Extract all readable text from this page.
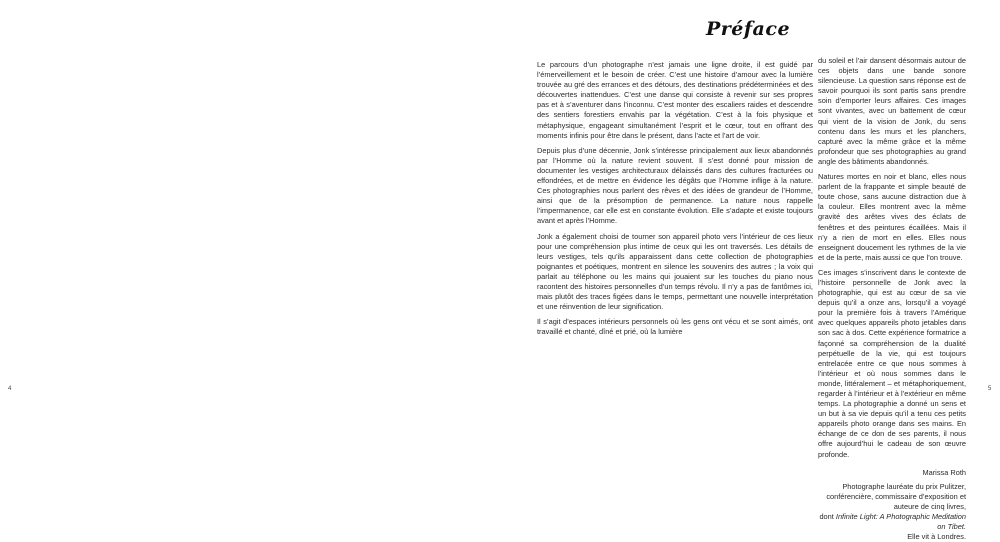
Préface

Le parcours d’un photographe n’est jamais une ligne droite, il est guidé par l’émerveillement et le besoin de créer. C’est une histoire d’amour avec la lumière trouvée au gré des errances et des détours, des destinations prédéterminées et des découvertes inattendues. C’est une danse qui consiste à revenir sur ses propres pas et à s’aventurer dans l’inconnu. C’est monter des escaliers raides et descendre des sentiers forestiers envahis par la végétation. C’est à la fois physique et métaphysique, engageant simultanément l’esprit et le cœur, tout en offrant des moments infinis pour être dans le présent, dans l’acte et l’art de voir.

Depuis plus d’une décennie, Jonk s’intéresse principalement aux lieux abandonnés par l’Homme où la nature revient souvent. Il s’est donné pour mission de documenter les vestiges architecturaux délaissés dans des cultures fracturées ou effondrées, et de mettre en évidence les dégâts que l’Homme inflige à la nature. Ces photographies nous parlent des rêves et des idées de grandeur de l’Homme, ainsi que de la présomption de permanence. La nature nous rappelle l’impermanence, car elle est en constante évolution. Elle s’adapte et existe toujours avant et après l’Homme.

Jonk a également choisi de tourner son appareil photo vers l’intérieur de ces lieux pour une compréhension plus intime de ceux qui les ont traversés. Les détails de leurs vestiges, tels qu’ils apparaissent dans cette collection de photographies poignantes et poétiques, montrent en silence les souvenirs des autres ; la voix qui parlait au téléphone ou les mains qui jouaient sur les touches du piano nous racontent des histoires personnelles d’un temps révolu. Il n’y a pas de fantômes ici, mais plutôt des traces figées dans le temps, permettant une nouvelle interprétation et une réinvention de leur signification.

Il s’agit d’espaces intérieurs personnels où les gens ont vécu et se sont aimés, ont travaillé et chanté, dîné et prié, où la lumière

du soleil et l’air dansent désormais autour de ces objets dans une bande sonore silencieuse. La question sans réponse est de savoir pourquoi ils sont partis sans prendre soin d’emporter leurs affaires. Ces images sont vivantes, avec un battement de cœur qui vient de la vision de Jonk, du sens contenu dans les murs et les planchers, capturé avec la même grâce et la même profondeur que ses photographies au grand angle des bâtiments abandonnés.

Natures mortes en noir et blanc, elles nous parlent de la frappante et simple beauté de toute chose, sans aucune distraction due à la couleur. Elles montrent avec la même gravité des arêtes vives des éclats de fenêtres et des peintures écaillées. Mais il n’y a rien de mort en elles. Elles nous enseignent doucement les rythmes de la vie et de la perte, mais aussi ce que l’on trouve.

Ces images s’inscrivent dans le contexte de l’histoire personnelle de Jonk avec la photographie, qui est au cœur de sa vie depuis qu’il a onze ans, lorsqu’il a voyagé pour la première fois à travers l’Amérique avec quelques appareils photo jetables dans son sac à dos. Cette expérience formatrice a façonné sa compréhension de la dualité perpétuelle de la vie, qui est toujours entrelacée entre ce que nous sommes à l’intérieur et où nous sommes dans le monde, littéralement – et métaphoriquement, regarder à l’intérieur et à l’extérieur en même temps. La photographie a donné un sens et un but à sa vie depuis qu’il a tenu ces petits appareils photo orange dans ses mains. En échange de ce don de ses parents, il nous offre aujourd’hui le cadeau de son œuvre profonde.

Marissa Roth
Photographe lauréate du prix Pulitzer, conférencière, commissaire d’exposition et auteure de cinq livres,
dont Infinite Light: A Photographic Meditation on Tibet.
Elle vit à Londres.
4	5
